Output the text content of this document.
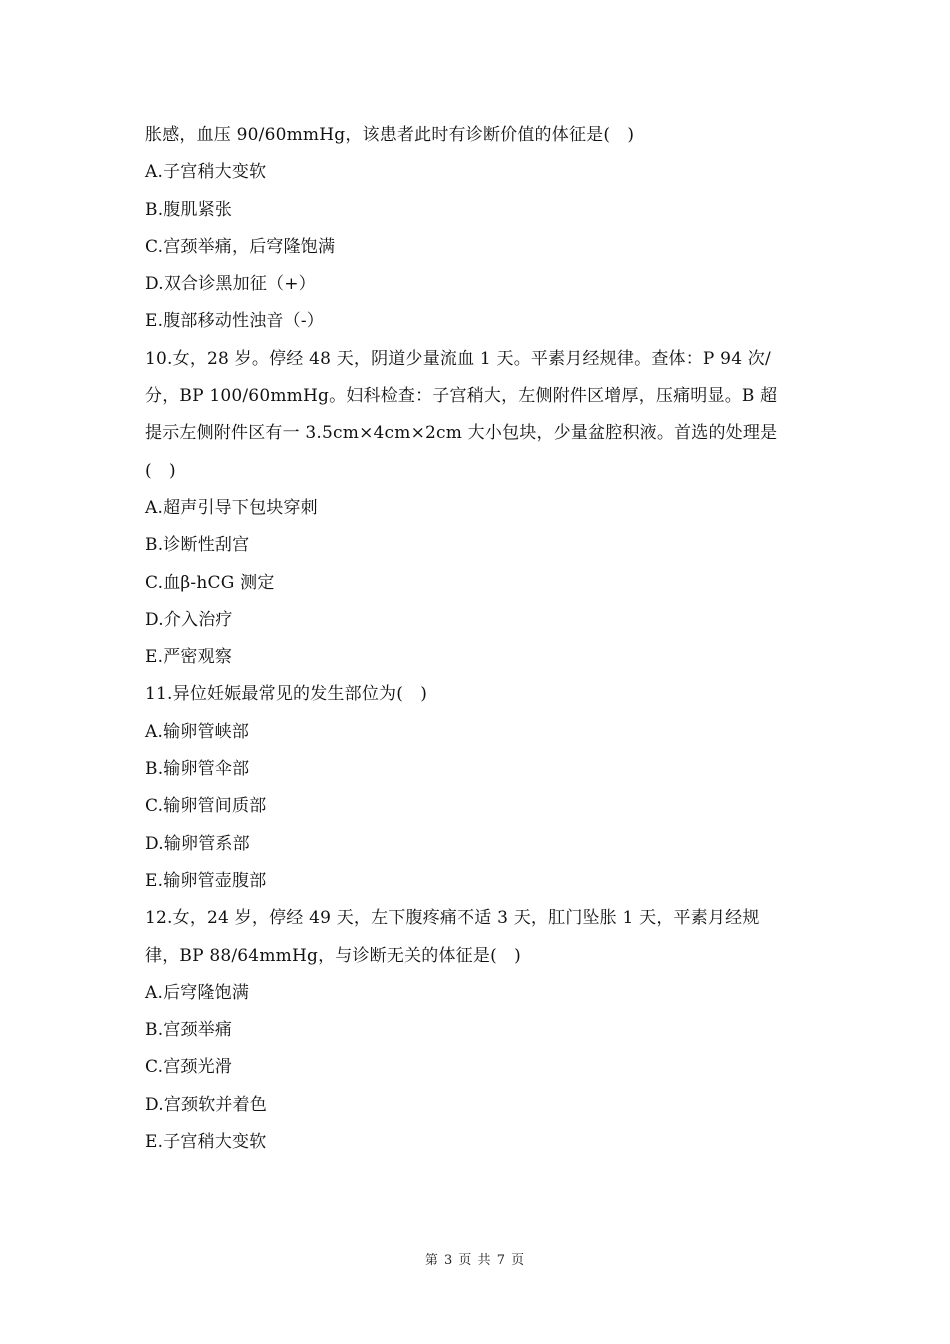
胀感，血压 90/60mmHg，该患者此时有诊断价值的体征是(　)
A.子宫稍大变软
B.腹肌紧张
C.宫颈举痛，后穹隆饱满
D.双合诊黑加征（+）
E.腹部移动性浊音（-）
10.女，28 岁。停经 48 天，阴道少量流血 1 天。平素月经规律。查体：P 94 次/
分，BP 100/60mmHg。妇科检查：子宫稍大，左侧附件区增厚，压痛明显。B 超
提示左侧附件区有一 3.5cm×4cm×2cm 大小包块，少量盆腔积液。首选的处理是
(　)
A.超声引导下包块穿刺
B.诊断性刮宫
C.血β-hCG 测定
D.介入治疗
E.严密观察
11.异位妊娠最常见的发生部位为(　)
A.输卵管峡部
B.输卵管伞部
C.输卵管间质部
D.输卵管系部
E.输卵管壶腹部
12.女，24 岁，停经 49 天，左下腹疼痛不适 3 天，肛门坠胀 1 天，平素月经规
律，BP 88/64mmHg，与诊断无关的体征是(　)
A.后穹隆饱满
B.宫颈举痛
C.宫颈光滑
D.宫颈软并着色
E.子宫稍大变软
第 3 页 共 7 页
